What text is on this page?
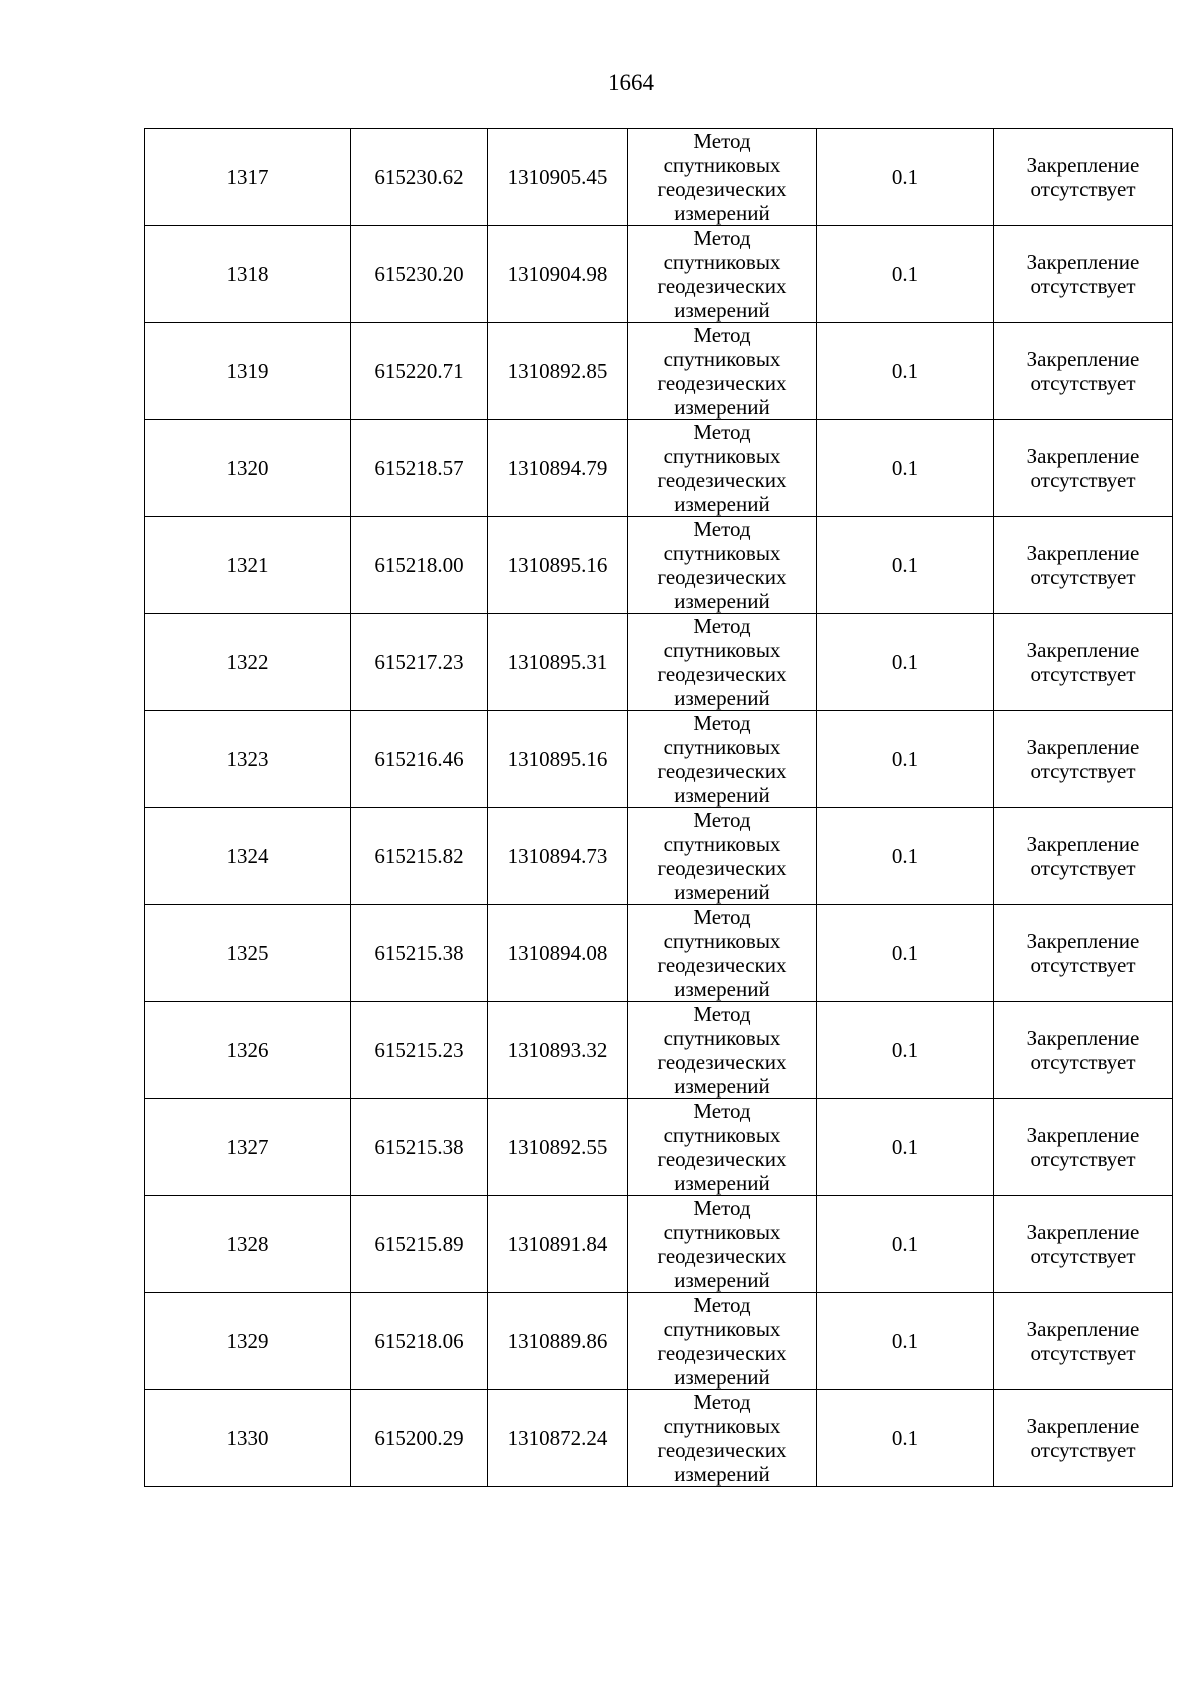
1664
1317	615230.62	1310905.45	Метод
спутниковых
геодезических
измерений	0.1	Закрепление
отсутствует

1318	615230.20	1310904.98	Метод
спутниковых
геодезических
измерений	0.1	Закрепление
отсутствует

1319	615220.71	1310892.85	Метод
спутниковых
геодезических
измерений	0.1	Закрепление
отсутствует

1320	615218.57	1310894.79	Метод
спутниковых
геодезических
измерений	0.1	Закрепление
отсутствует

1321	615218.00	1310895.16	Метод
спутниковых
геодезических
измерений	0.1	Закрепление
отсутствует

1322	615217.23	1310895.31	Метод
спутниковых
геодезических
измерений	0.1	Закрепление
отсутствует

1323	615216.46	1310895.16	Метод
спутниковых
геодезических
измерений	0.1	Закрепление
отсутствует

1324	615215.82	1310894.73	Метод
спутниковых
геодезических
измерений	0.1	Закрепление
отсутствует

1325	615215.38	1310894.08	Метод
спутниковых
геодезических
измерений	0.1	Закрепление
отсутствует

1326	615215.23	1310893.32	Метод
спутниковых
геодезических
измерений	0.1	Закрепление
отсутствует

1327	615215.38	1310892.55	Метод
спутниковых
геодезических
измерений	0.1	Закрепление
отсутствует

1328	615215.89	1310891.84	Метод
спутниковых
геодезических
измерений	0.1	Закрепление
отсутствует

1329	615218.06	1310889.86	Метод
спутниковых
геодезических
измерений	0.1	Закрепление
отсутствует

1330	615200.29	1310872.24	Метод
спутниковых
геодезических
измерений	0.1	Закрепление
отсутствует
